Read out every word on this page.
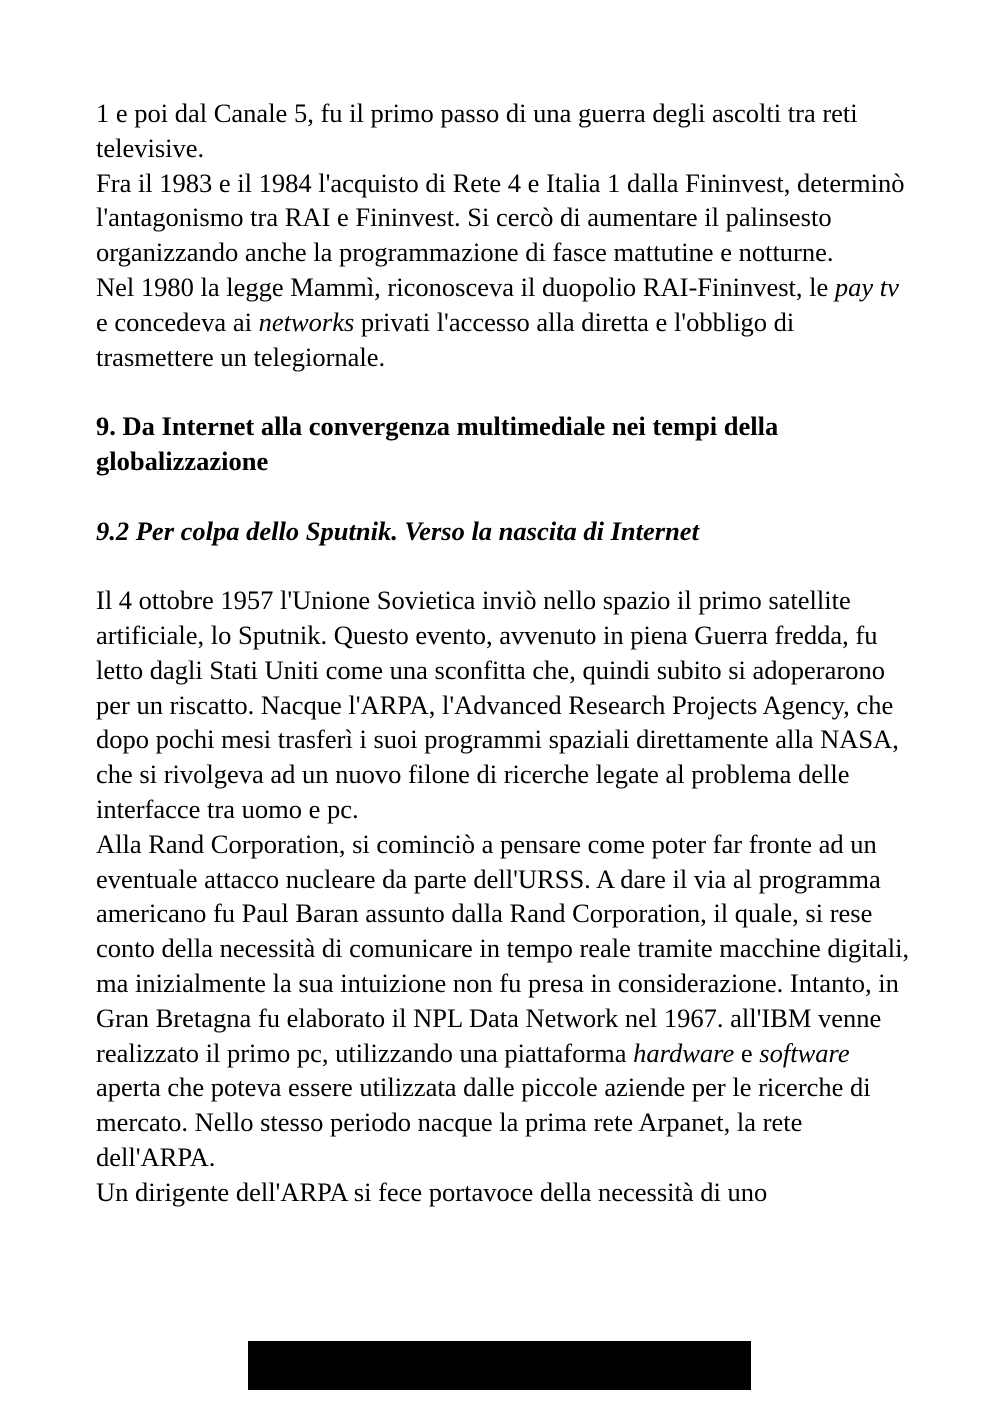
1 e poi dal Canale 5, fu il primo passo di una guerra degli ascolti tra reti televisive.

Fra il 1983 e il 1984 l'acquisto di Rete 4 e Italia 1 dalla Fininvest, determinò l'antagonismo tra RAI e Fininvest. Si cercò di aumentare il palinsesto organizzando anche la programmazione di fasce mattutine e notturne.

Nel 1980 la legge Mammì, riconosceva il duopolio RAI-Fininvest, le pay tv e concedeva ai networks privati l'accesso alla diretta e l'obbligo di trasmettere un telegiornale.

9. Da Internet alla convergenza multimediale nei tempi della globalizzazione
9.2 Per colpa dello Sputnik. Verso la nascita di Internet

Il 4 ottobre 1957 l'Unione Sovietica inviò nello spazio il primo satellite artificiale, lo Sputnik. Questo evento, avvenuto in piena Guerra fredda, fu letto dagli Stati Uniti come una sconfitta che, quindi subito si adoperarono per un riscatto. Nacque l'ARPA, l'Advanced Research Projects Agency, che dopo pochi mesi trasferì i suoi programmi spaziali direttamente alla NASA, che si rivolgeva ad un nuovo filone di ricerche legate al problema delle interfacce tra uomo e pc.

Alla Rand Corporation, si cominciò a pensare come poter far fronte ad un eventuale attacco nucleare da parte dell'URSS. A dare il via al programma americano fu Paul Baran assunto dalla Rand Corporation, il quale, si rese conto della necessità di comunicare in tempo reale tramite macchine digitali, ma inizialmente la sua intuizione non fu presa in considerazione. Intanto, in Gran Bretagna fu elaborato il NPL Data Network nel 1967. all'IBM venne realizzato il primo pc, utilizzando una piattaforma hardware e software aperta che poteva essere utilizzata dalle piccole aziende per le ricerche di mercato. Nello stesso periodo nacque la prima rete Arpanet, la rete dell'ARPA.

Un dirigente dell'ARPA si fece portavoce della necessità di uno
